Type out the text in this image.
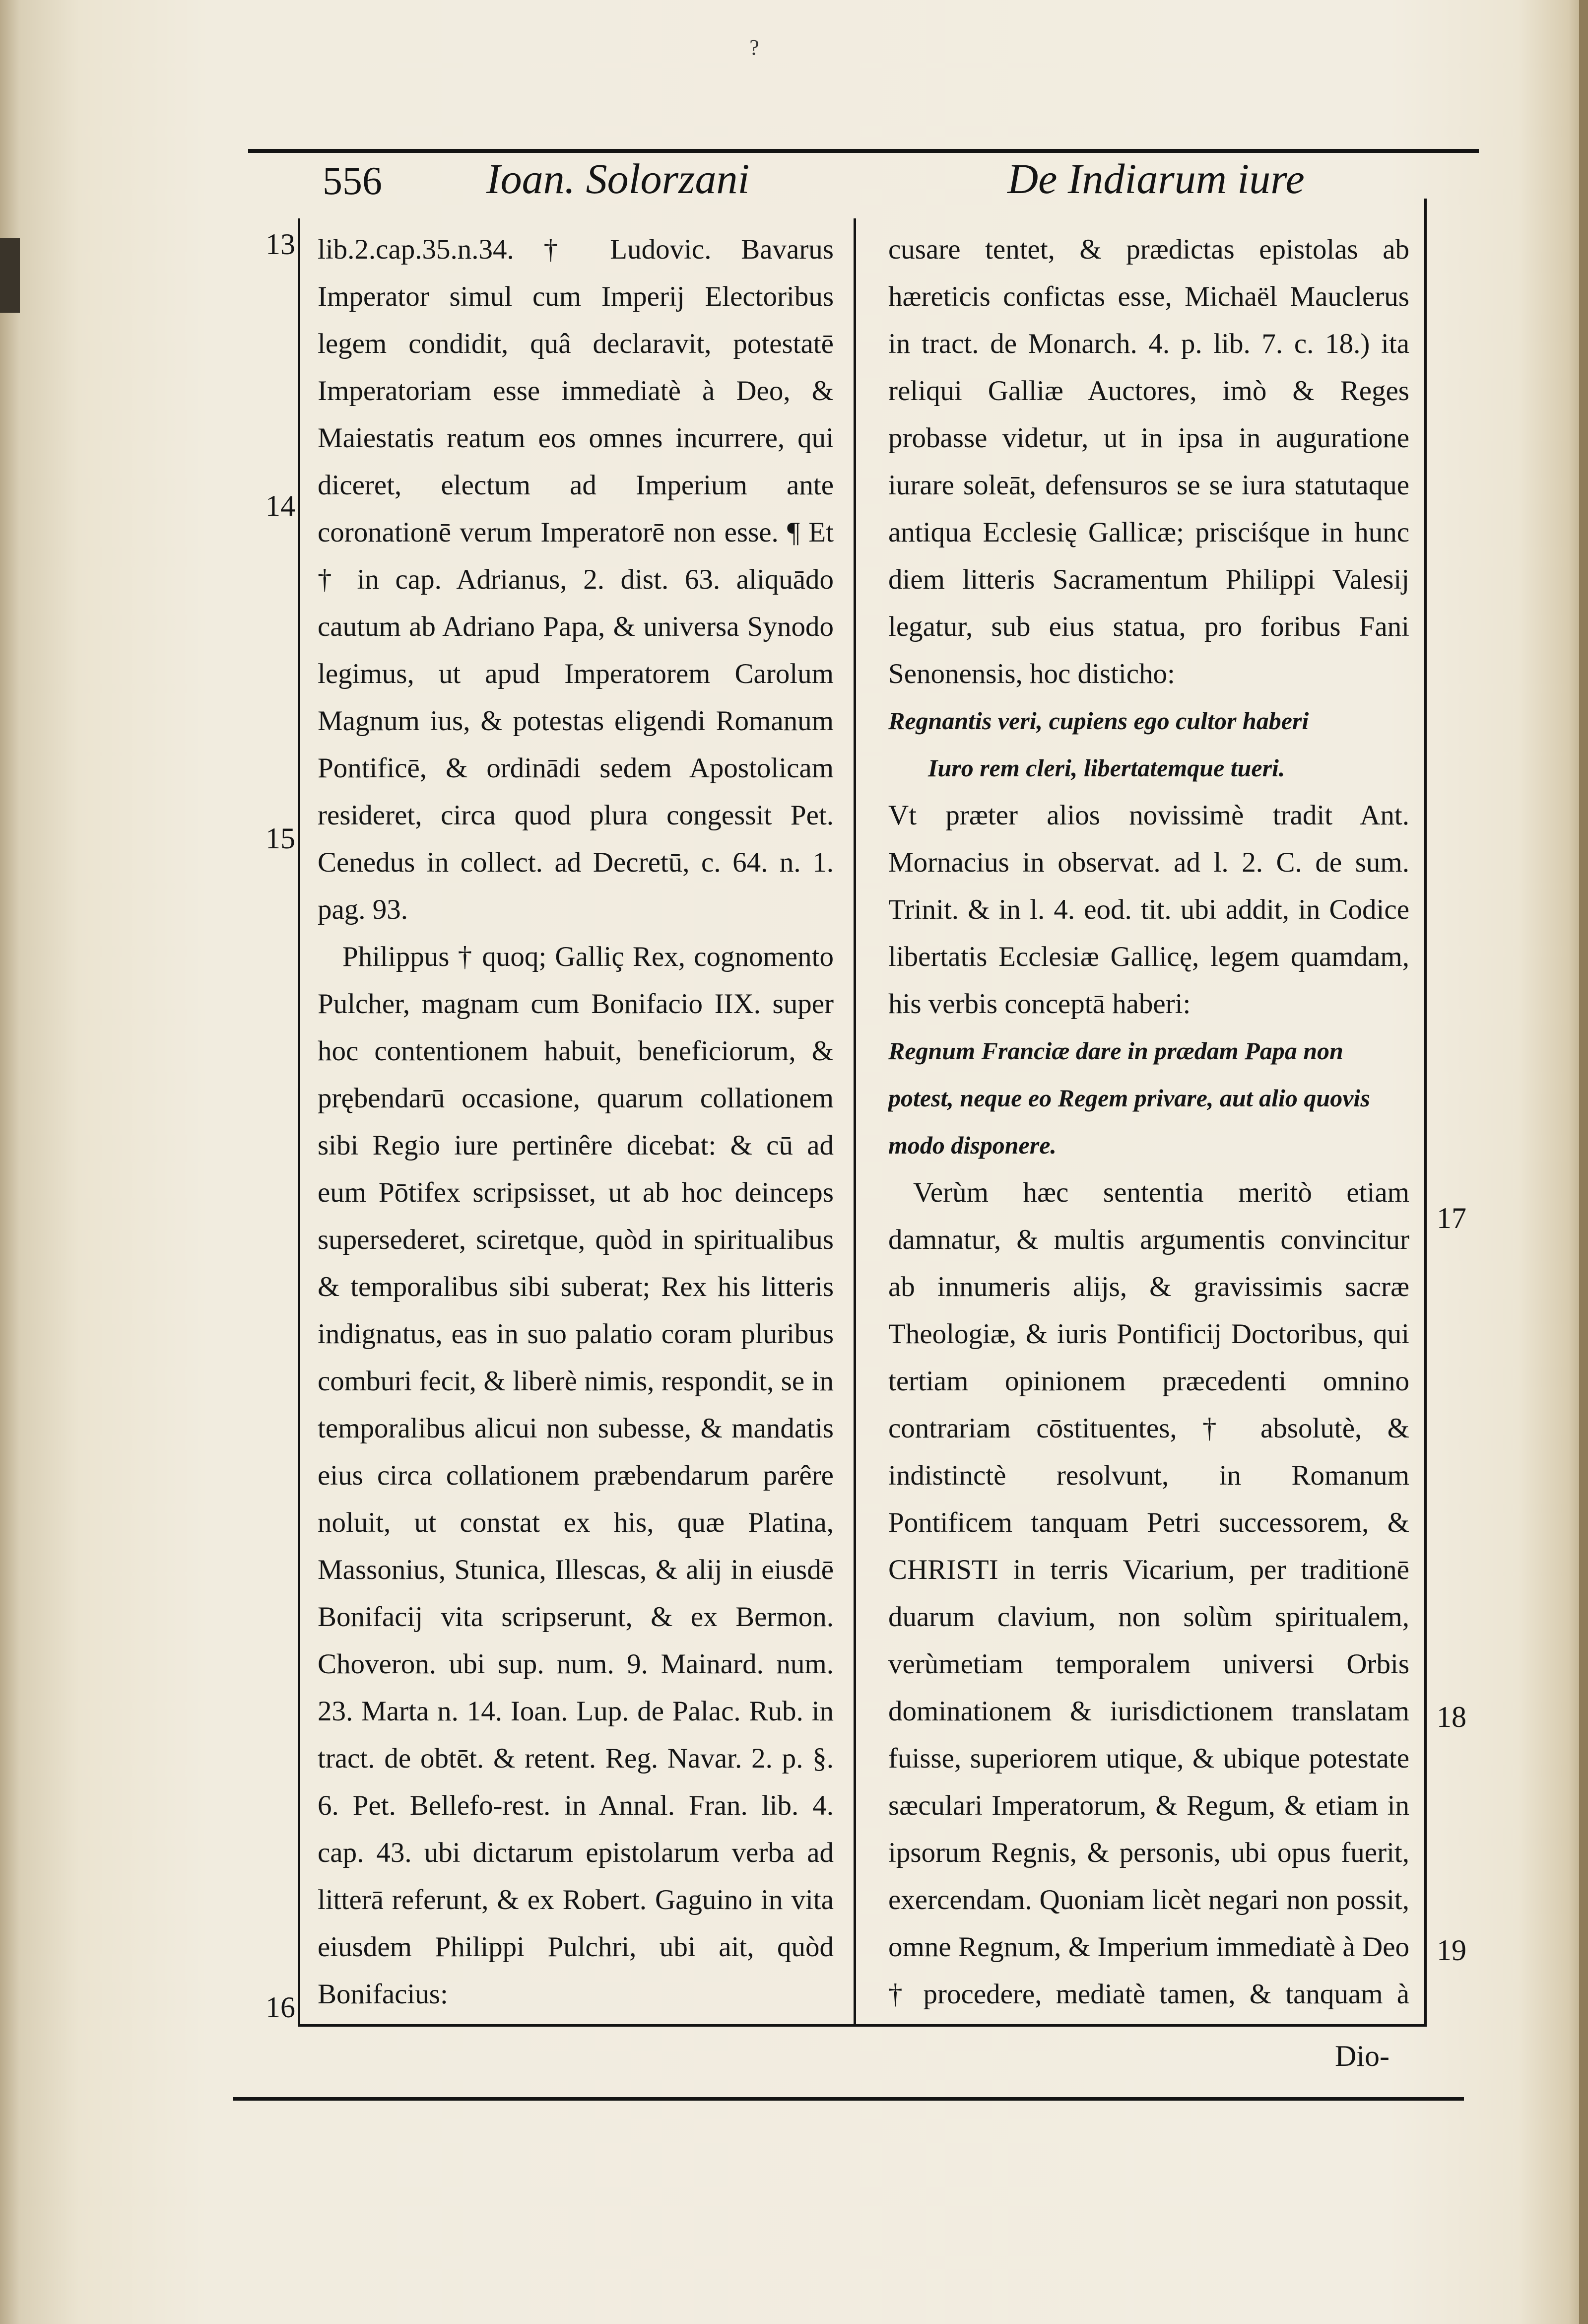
?
556 Ioan. Solorzani	De Indiarum iure
13
14
15
16
17
18
19

lib.2.cap.35.n.34. † Ludovic. Bavarus Imperator simul cum Imperij Electoribus legem condidit, quâ declaravit, potestatē Imperatoriam esse immediatè à Deo, & Maiestatis reatum eos omnes incurrere, qui diceret, electum ad Imperium ante coronationē verum Imperatorē non esse. ¶ Et † in cap. Adrianus, 2. dist. 63. aliquādo cautum ab Adriano Papa, & universa Synodo legimus, ut apud Imperatorem Carolum Magnum ius, & potestas eligendi Romanum Pontificē, & ordinādi sedem Apostolicam resideret, circa quod plura congessit Pet. Cenedus in collect. ad Decretū, c. 64. n. 1. pag. 93.

Philippus † quoq; Galliç Rex, cognomento Pulcher, magnam cum Bonifacio IIX. super hoc contentionem habuit, beneficiorum, & prębendarū occasione, quarum collationem sibi Regio iure pertinêre dicebat: & cū ad eum Pōtifex scripsisset, ut ab hoc deinceps supersederet, sciretque, quòd in spiritualibus & temporalibus sibi suberat; Rex his litteris indignatus, eas in suo palatio coram pluribus comburi fecit, & liberè nimis, respondit, se in temporalibus alicui non subesse, & mandatis eius circa collationem præbendarum parêre noluit, ut constat ex his, quæ Platina, Massonius, Stunica, Illescas, & alij in eiusdē Bonifacij vita scripserunt, & ex Bermon. Choveron. ubi sup. num. 9. Mainard. num. 23. Marta n. 14. Ioan. Lup. de Palac. Rub. in tract. de obtēt. & retent. Reg. Navar. 2. p. §. 6. Pet. Bellefo-rest. in Annal. Fran. lib. 4. cap. 43. ubi dictarum epistolarum verba ad litterā referunt, & ex Robert. Gaguino in vita eiusdem Philippi Pulchri, ubi ait, quòd Bonifacius:

cusare tentet, & prædictas epistolas ab hæreticis confictas esse, Michaël Mauclerus in tract. de Monarch. 4. p. lib. 7. c. 18.) ita reliqui Galliæ Auctores, imò & Reges probasse videtur, ut in ipsa in auguratione iurare soleāt, defensuros se se iura statutaque antiqua Ecclesię Gallicæ; prisciśque in hunc diem litteris Sacramentum Philippi Valesij legatur, sub eius statua, pro foribus Fani Senonensis, hoc disticho:

Regnantis veri, cupiens ego cultor haberi

Iuro rem cleri, libertatemque tueri.

Vt præter alios novissimè tradit Ant. Mornacius in observat. ad l. 2. C. de sum. Trinit. & in l. 4. eod. tit. ubi addit, in Codice libertatis Ecclesiæ Gallicę, legem quamdam, his verbis conceptā haberi:

Regnum Franciæ dare in prædam Papa non potest, neque eo Regem privare, aut alio quovis modo disponere.

Verùm hæc sententia meritò etiam damnatur, & multis argumentis convincitur ab innumeris alijs, & gravissimis sacræ Theologiæ, & iuris Pontificij Doctoribus, qui tertiam opinionem præcedenti omnino contrariam cōstituentes, † absolutè, & indistinctè resolvunt, in Romanum Pontificem tanquam Petri successorem, & CHRISTI in terris Vicarium, per traditionē duarum clavium, non solùm spiritualem, verùmetiam temporalem universi Orbis dominationem & iurisdictionem translatam fuisse, superiorem utique, & ubique potestate sæculari Imperatorum, & Regum, & etiam in ipsorum Regnis, & personis, ubi opus fuerit, exercendam. Quoniam licèt negari non possit, omne Regnum, & Imperium immediatè à Deo † procedere, mediatè tamen, & tanquam à

Dio-
